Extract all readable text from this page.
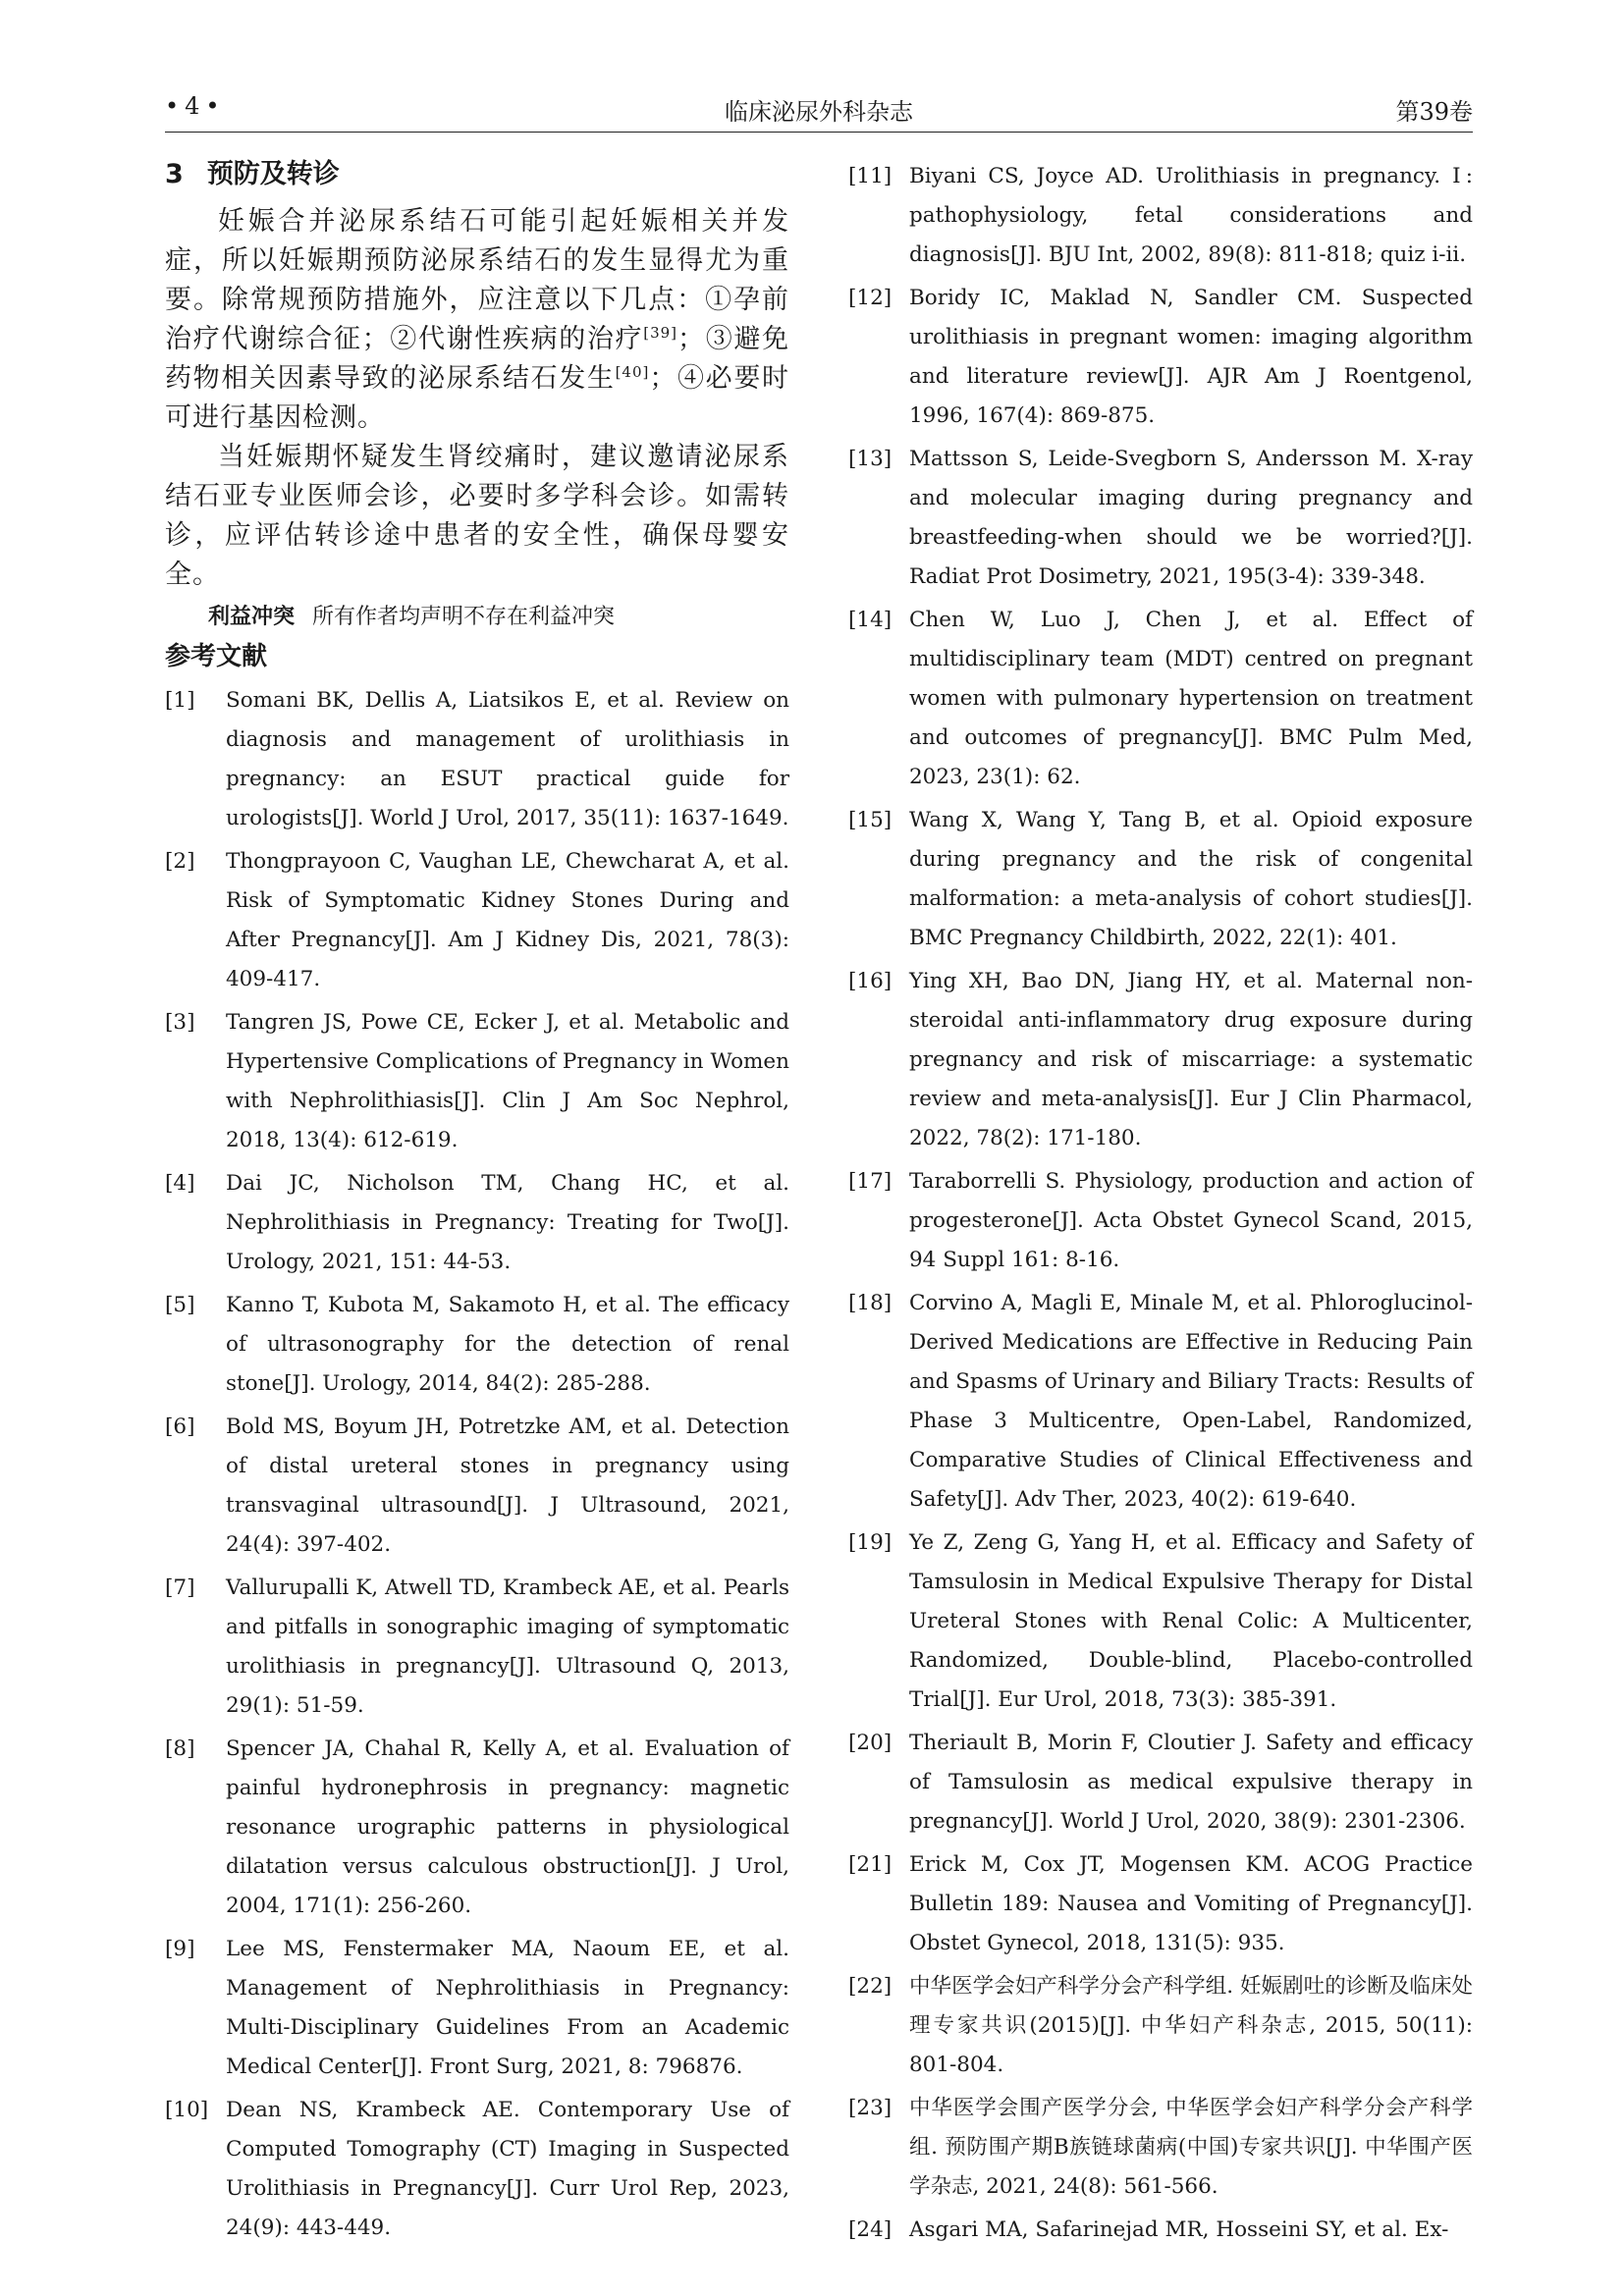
•4•	临床泌尿外科杂志	第39卷
3 预防及转诊

妊娠合并泌尿系结石可能引起妊娠相关并发症，所以妊娠期预防泌尿系结石的发生显得尤为重要。除常规预防措施外，应注意以下几点：①孕前治疗代谢综合征；②代谢性疾病的治疗[39]；③避免药物相关因素导致的泌尿系结石发生[40]；④必要时可进行基因检测。

当妊娠期怀疑发生肾绞痛时，建议邀请泌尿系结石亚专业医师会诊，必要时多学科会诊。如需转诊，应评估转诊途中患者的安全性，确保母婴安全。

利益冲突 所有作者均声明不存在利益冲突

参考文献
[1]	Somani BK, Dellis A, Liatsikos E, et al. Review on diagnosis and management of urolithiasis in pregnancy: an ESUT practical guide for urologists[J]. World J Urol, 2017, 35(11): 1637-1649.
[2]	Thongprayoon C, Vaughan LE, Chewcharat A, et al. Risk of Symptomatic Kidney Stones During and After Pregnancy[J]. Am J Kidney Dis, 2021, 78(3): 409-417.
[3]	Tangren JS, Powe CE, Ecker J, et al. Metabolic and Hypertensive Complications of Pregnancy in Women with Nephrolithiasis[J]. Clin J Am Soc Nephrol, 2018, 13(4): 612-619.
[4]	Dai JC, Nicholson TM, Chang HC, et al. Nephrolithiasis in Pregnancy: Treating for Two[J]. Urology, 2021, 151: 44-53.
[5]	Kanno T, Kubota M, Sakamoto H, et al. The efficacy of ultrasonography for the detection of renal stone[J]. Urology, 2014, 84(2): 285-288.
[6]	Bold MS, Boyum JH, Potretzke AM, et al. Detection of distal ureteral stones in pregnancy using transvaginal ultrasound[J]. J Ultrasound, 2021, 24(4): 397-402.
[7]	Vallurupalli K, Atwell TD, Krambeck AE, et al. Pearls and pitfalls in sonographic imaging of symptomatic urolithiasis in pregnancy[J]. Ultrasound Q, 2013, 29(1): 51-59.
[8]	Spencer JA, Chahal R, Kelly A, et al. Evaluation of painful hydronephrosis in pregnancy: magnetic resonance urographic patterns in physiological dilatation versus calculous obstruction[J]. J Urol, 2004, 171(1): 256-260.
[9]	Lee MS, Fenstermaker MA, Naoum EE, et al. Management of Nephrolithiasis in Pregnancy: Multi-Disciplinary Guidelines From an Academic Medical Center[J]. Front Surg, 2021, 8: 796876.
[10] Dean NS, Krambeck AE. Contemporary Use of Computed Tomography (CT) Imaging in Suspected Urolithiasis in Pregnancy[J]. Curr Urol Rep, 2023, 24(9): 443-449.
[11] Biyani CS, Joyce AD. Urolithiasis in pregnancy. Ⅰ: pathophysiology, fetal considerations and diagnosis[J]. BJU Int, 2002, 89(8): 811-818; quiz i-ii.
[12] Boridy IC, Maklad N, Sandler CM. Suspected urolithiasis in pregnant women: imaging algorithm and literature review[J]. AJR Am J Roentgenol, 1996, 167(4): 869-875.
[13] Mattsson S, Leide-Svegborn S, Andersson M. X-ray and molecular imaging during pregnancy and breastfeeding-when should we be worried?[J]. Radiat Prot Dosimetry, 2021, 195(3-4): 339-348.
[14] Chen W, Luo J, Chen J, et al. Effect of multidisciplinary team (MDT) centred on pregnant women with pulmonary hypertension on treatment and outcomes of pregnancy[J]. BMC Pulm Med, 2023, 23(1): 62.
[15] Wang X, Wang Y, Tang B, et al. Opioid exposure during pregnancy and the risk of congenital malformation: a meta-analysis of cohort studies[J]. BMC Pregnancy Childbirth, 2022, 22(1): 401.
[16] Ying XH, Bao DN, Jiang HY, et al. Maternal non-steroidal anti-inflammatory drug exposure during pregnancy and risk of miscarriage: a systematic review and meta-analysis[J]. Eur J Clin Pharmacol, 2022, 78(2): 171-180.
[17] Taraborrelli S. Physiology, production and action of progesterone[J]. Acta Obstet Gynecol Scand, 2015, 94 Suppl 161: 8-16.
[18] Corvino A, Magli E, Minale M, et al. Phloroglucinol-Derived Medications are Effective in Reducing Pain and Spasms of Urinary and Biliary Tracts: Results of Phase 3 Multicentre, Open-Label, Randomized, Comparative Studies of Clinical Effectiveness and Safety[J]. Adv Ther, 2023, 40(2): 619-640.
[19] Ye Z, Zeng G, Yang H, et al. Efficacy and Safety of Tamsulosin in Medical Expulsive Therapy for Distal Ureteral Stones with Renal Colic: A Multicenter, Randomized, Double-blind, Placebo-controlled Trial[J]. Eur Urol, 2018, 73(3): 385-391.
[20] Theriault B, Morin F, Cloutier J. Safety and efficacy of Tamsulosin as medical expulsive therapy in pregnancy[J]. World J Urol, 2020, 38(9): 2301-2306.
[21] Erick M, Cox JT, Mogensen KM. ACOG Practice Bulletin 189: Nausea and Vomiting of Pregnancy[J]. Obstet Gynecol, 2018, 131(5): 935.
[22] 中华医学会妇产科学分会产科学组. 妊娠剧吐的诊断及临床处理专家共识(2015)[J]. 中华妇产科杂志, 2015, 50(11): 801-804.
[23] 中华医学会围产医学分会, 中华医学会妇产科学分会产科学组. 预防围产期B族链球菌病(中国)专家共识[J]. 中华围产医学杂志, 2021, 24(8): 561-566.
[24] Asgari MA, Safarinejad MR, Hosseini SY, et al. Ex-
